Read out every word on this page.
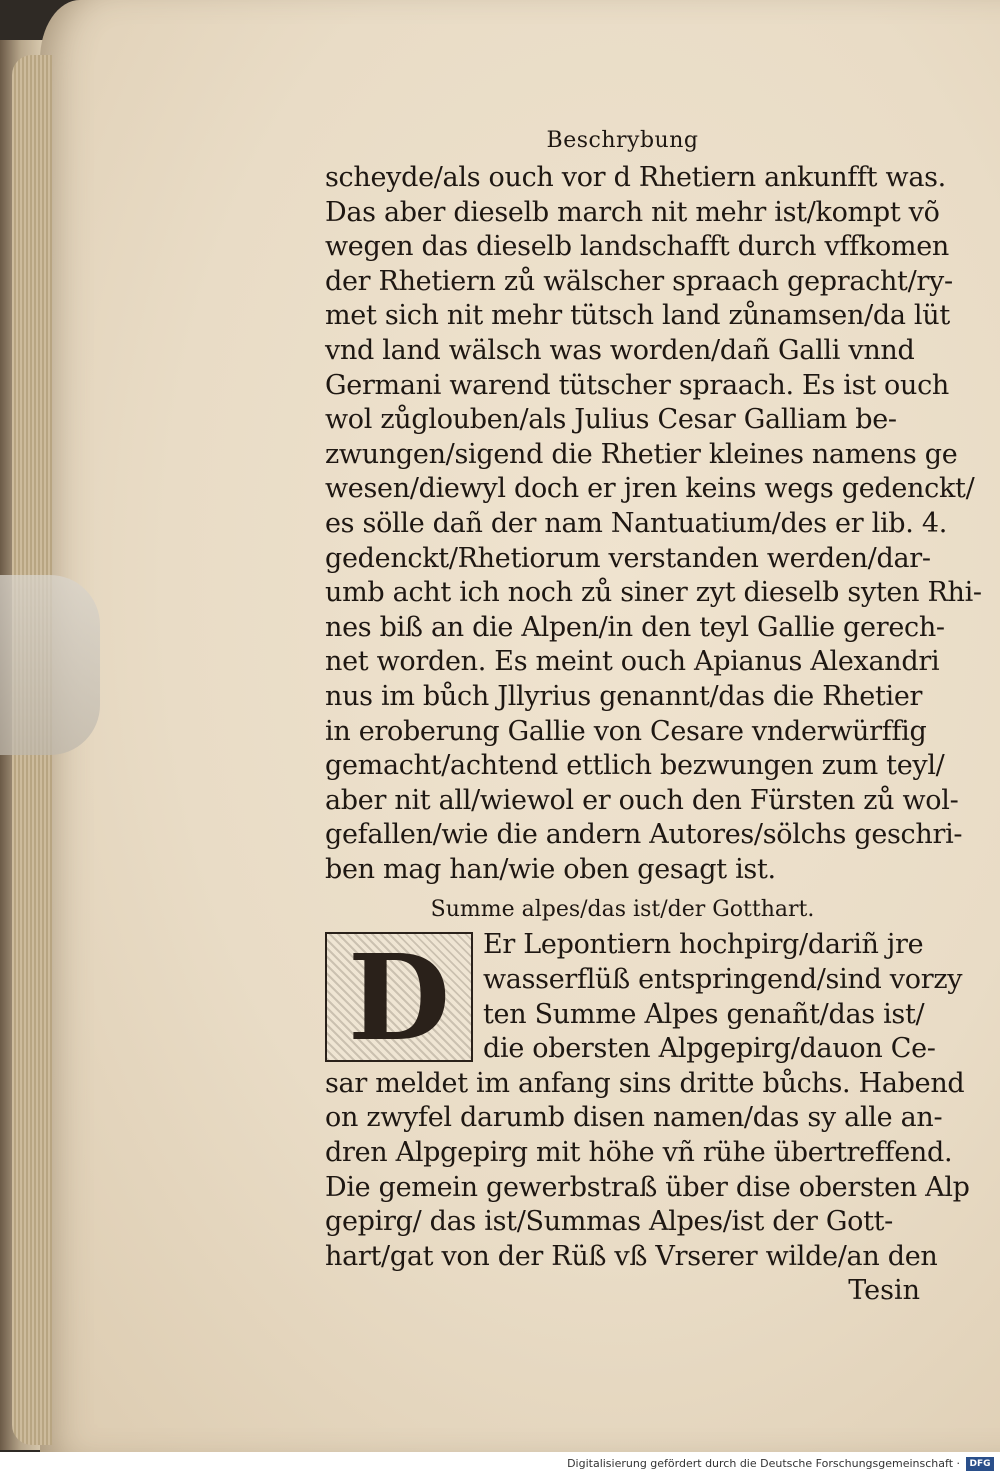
Beschrybung

scheyde/als ouch vor d Rhetiern ankunfft was.

Das aber dieselb march nit mehr ist/kompt võ

wegen das dieselb landschafft durch vffkomen

der Rhetiern zů wälscher spraach gepracht/ry-

met sich nit mehr tütsch land zůnamsen/da lüt

vnd land wälsch was worden/dañ Galli vnnd

Germani warend tütscher spraach. Es ist ouch

wol zůglouben/als Julius Cesar Galliam be-

zwungen/sigend die Rhetier kleines namens ge

wesen/diewyl doch er jren keins wegs gedenckt/

es sölle dañ der nam Nantuatium/des er lib. 4.

gedenckt/Rhetiorum verstanden werden/dar-

umb acht ich noch zů siner zyt dieselb syten Rhi-

nes biß an die Alpen/in den teyl Gallie gerech-

net worden. Es meint ouch Apianus Alexandri

nus im bůch Jllyrius genannt/das die Rhetier

in eroberung Gallie von Cesare vnderwürffig

gemacht/achtend ettlich bezwungen zum teyl/

aber nit all/wiewol er ouch den Fürsten zů wol-

gefallen/wie die andern Autores/sölchs geschri-

ben mag han/wie oben gesagt ist.

Summe alpes/das ist/der Gotthart.
D	Er Lepontiern hochpirg/dariñ jre

wasserflüß entspringend/sind vorzy

ten Summe Alpes genañt/das ist/

die obersten Alpgepirg/dauon Ce-

sar meldet im anfang sins dritte bůchs. Habend

on zwyfel darumb disen namen/das sy alle an-

dren Alpgepirg mit höhe vñ rühe übertreffend.

Die gemein gewerbstraß über dise obersten Alp

gepirg/ das ist/Summas Alpes/ist der Gott-

hart/gat von der Rüß vß Vrserer wilde/an den

Tesin

Digitalisierung gefördert durch die Deutsche Forschungsgemeinschaft ·	DFG
